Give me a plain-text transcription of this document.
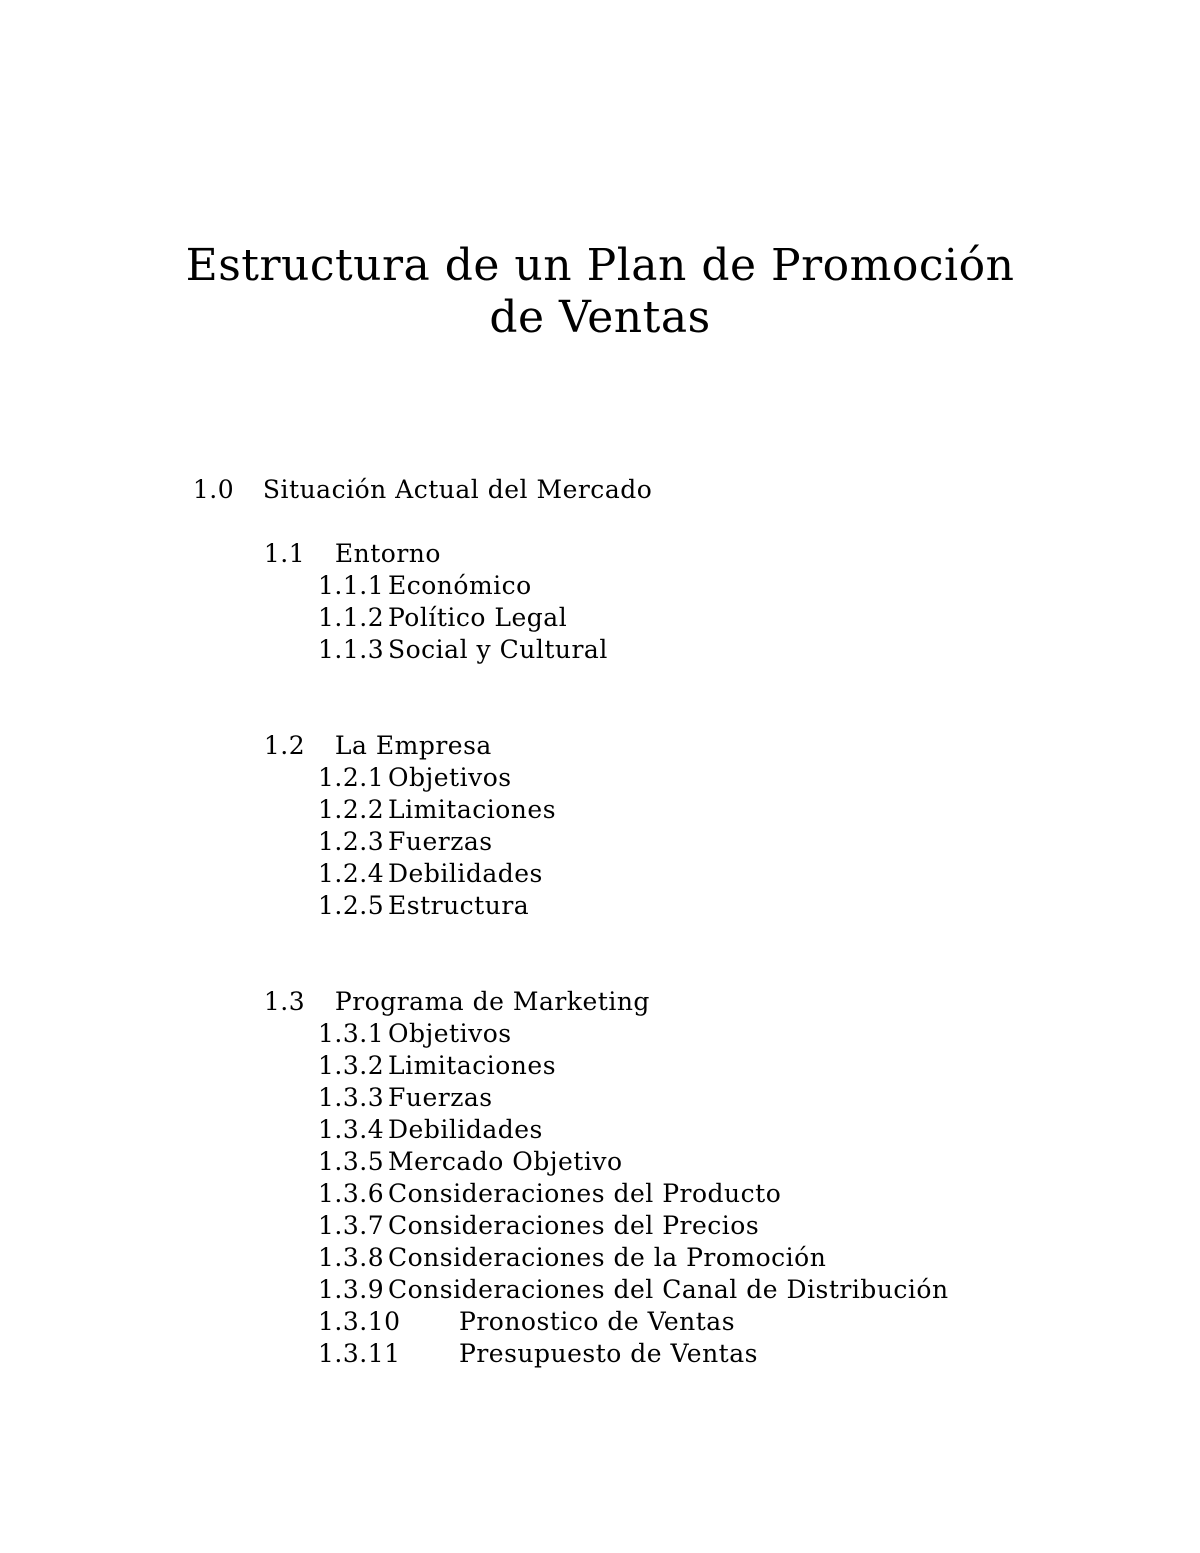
Estructura de un Plan de Promoción
de Ventas

1.0 Situación Actual del Mercado

1.1 Entorno

1.1.1 Económico
1.1.2 Político Legal
1.1.3 Social y Cultural

1.2 La Empresa

1.2.1 Objetivos
1.2.2 Limitaciones
1.2.3 Fuerzas
1.2.4 Debilidades
1.2.5 Estructura

1.3 Programa de Marketing

1.3.1 Objetivos
1.3.2 Limitaciones
1.3.3 Fuerzas
1.3.4 Debilidades
1.3.5 Mercado Objetivo
1.3.6 Consideraciones del Producto
1.3.7 Consideraciones del Precios
1.3.8 Consideraciones de la Promoción
1.3.9 Consideraciones del Canal de Distribución
1.3.10 Pronostico de Ventas
1.3.11 Presupuesto de Ventas
